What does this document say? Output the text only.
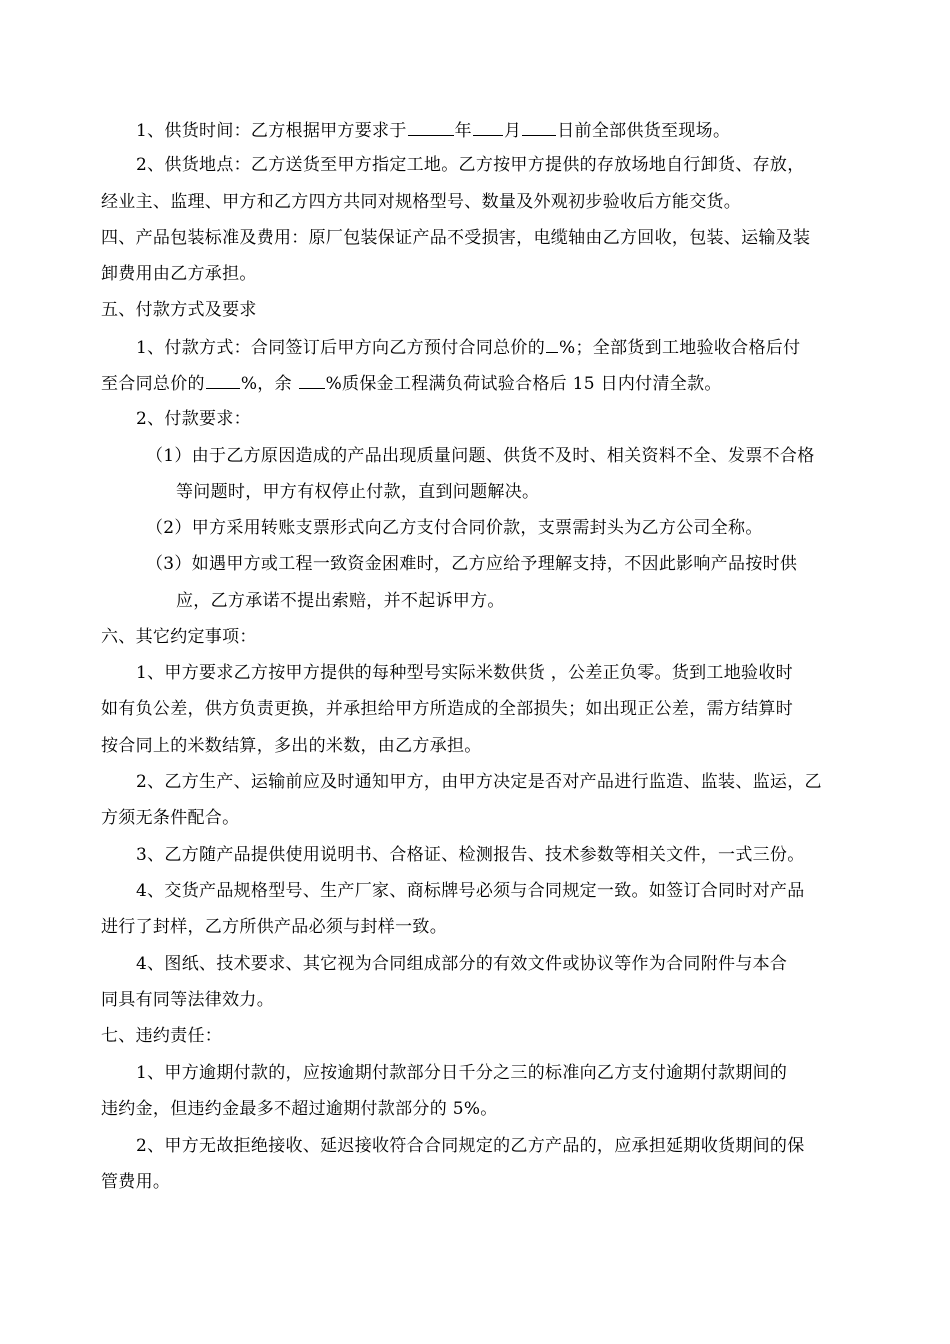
1、供货时间：乙方根据甲方要求于	年 月 日前全部供货至现场。
2、供货地点：乙方送货至甲方指定工地。乙方按甲方提供的存放场地自行卸货、存放，
经业主、监理、甲方和乙方四方共同对规格型号、数量及外观初步验收后方能交货。
四、产品包装标准及费用：原厂包装保证产品不受损害，电缆轴由乙方回收，包装、运输及装
卸费用由乙方承担。
五、付款方式及要求
1、付款方式：合同签订后甲方向乙方预付合同总价的 %；全部货到工地验收合格后付
至合同总价的 %，余 %质保金工程满负荷试验合格后 15 日内付清全款。
2、付款要求：
（1）由于乙方原因造成的产品出现质量问题、供货不及时、相关资料不全、发票不合格
等问题时，甲方有权停止付款，直到问题解决。
（2）甲方采用转账支票形式向乙方支付合同价款，支票需封头为乙方公司全称。
（3）如遇甲方或工程一致资金困难时，乙方应给予理解支持，不因此影响产品按时供
应，乙方承诺不提出索赔，并不起诉甲方。
六、其它约定事项：
1、甲方要求乙方按甲方提供的每种型号实际米数供货 ，公差正负零。货到工地验收时
如有负公差，供方负责更换，并承担给甲方所造成的全部损失；如出现正公差，需方结算时
按合同上的米数结算，多出的米数，由乙方承担。
2、乙方生产、运输前应及时通知甲方，由甲方决定是否对产品进行监造、监装、监运，乙
方须无条件配合。
3、乙方随产品提供使用说明书、合格证、检测报告、技术参数等相关文件，一式三份。
4、交货产品规格型号、生产厂家、商标牌号必须与合同规定一致。如签订合同时对产品
进行了封样，乙方所供产品必须与封样一致。
4、图纸、技术要求、其它视为合同组成部分的有效文件或协议等作为合同附件与本合
同具有同等法律效力。
七、违约责任：
1、甲方逾期付款的，应按逾期付款部分日千分之三的标准向乙方支付逾期付款期间的
违约金，但违约金最多不超过逾期付款部分的 5%。
2、甲方无故拒绝接收、延迟接收符合合同规定的乙方产品的，应承担延期收货期间的保
管费用。
